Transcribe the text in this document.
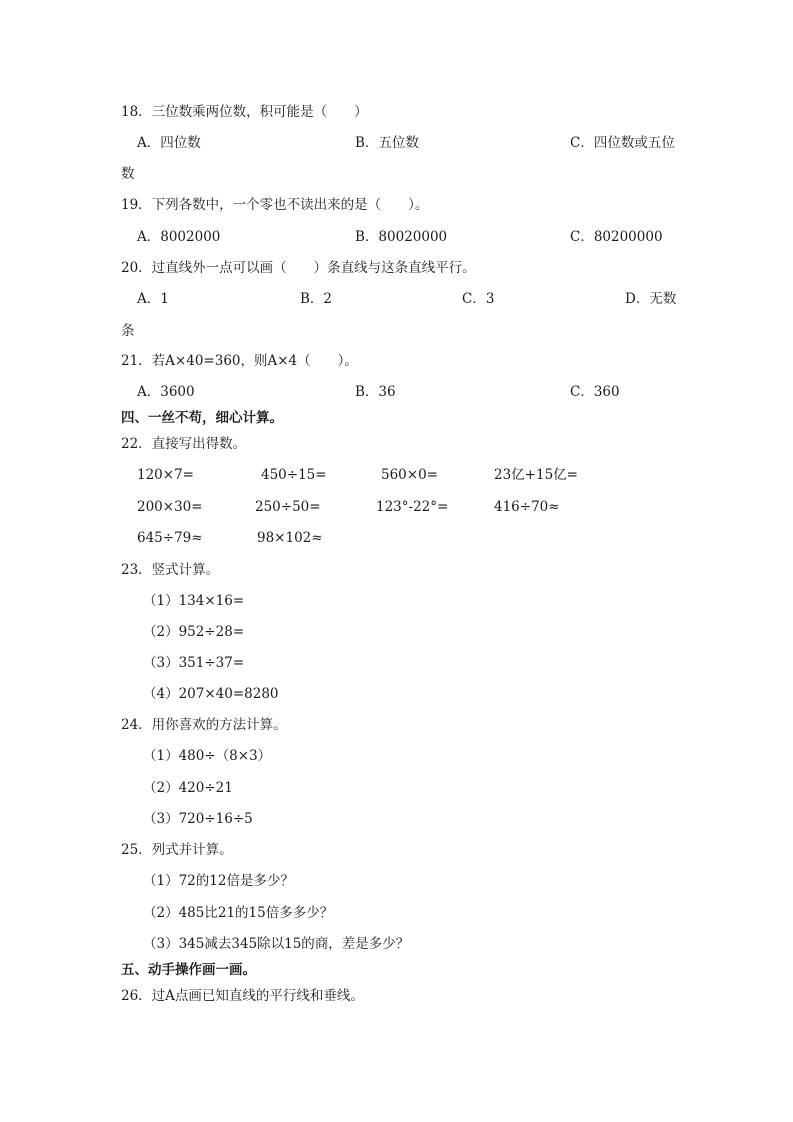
18．三位数乘两位数，积可能是（　　）
A．四位数	B．五位数	C．四位数或五位
数
19．下列各数中，一个零也不读出来的是（　　）。
A．8002000	B．80020000	C．80200000
20．过直线外一点可以画（　　）条直线与这条直线平行。
A．1	B．2	C．3	D．无数
条
21．若A×40=360，则A×4（　　）。
A．3600	B．36	C．360
四、一丝不苟，细心计算。
22．直接写出得数。
120×7=	450÷15=	560×0=	23亿+15亿=
200×30=	250÷50=	123°-22°=	416÷70≈
645÷79≈	98×102≈
23．竖式计算。
（1）134×16=
（2）952÷28=
（3）351÷37=
（4）207×40=8280
24．用你喜欢的方法计算。
（1）480÷（8×3）
（2）420÷21
（3）720÷16÷5
25．列式并计算。
（1）72的12倍是多少？
（2）485比21的15倍多多少？
（3）345减去345除以15的商，差是多少？
五、动手操作画一画。
26．过A点画已知直线的平行线和垂线。
